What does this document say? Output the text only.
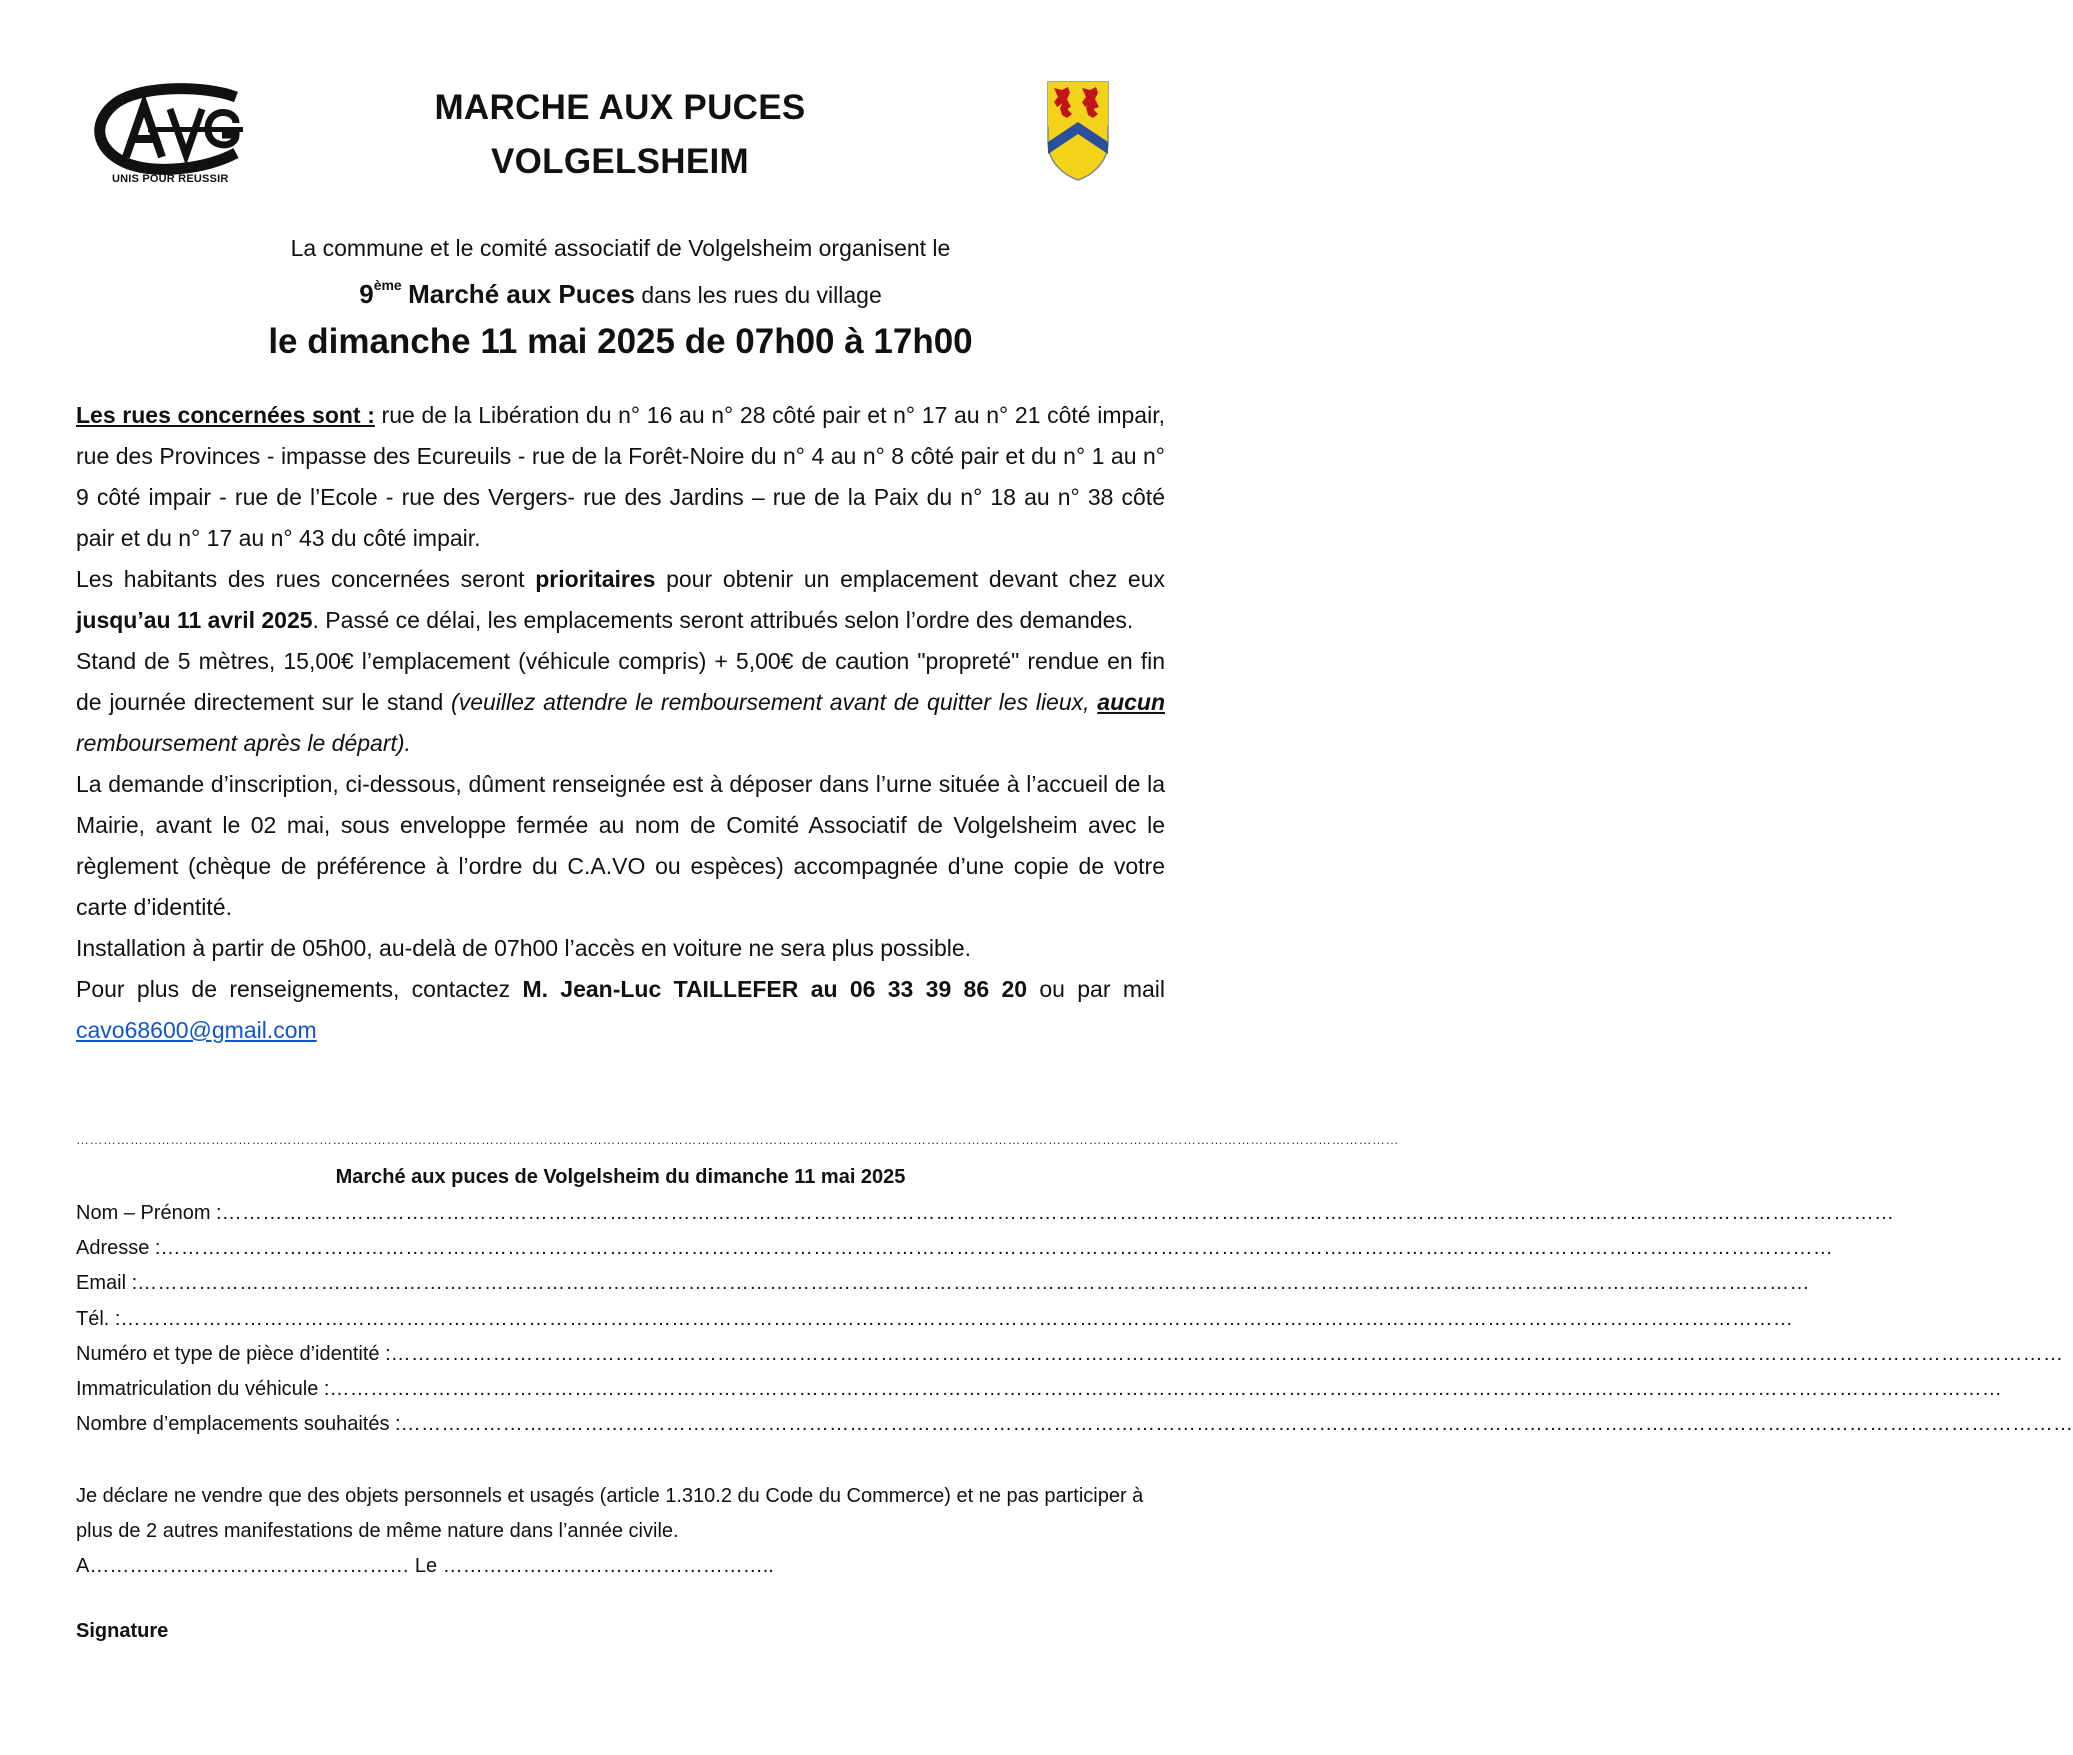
UNIS POUR REUSSIR
MARCHE AUX PUCES
VOLGELSHEIM
La commune et le comité associatif de Volgelsheim organisent le
9ème Marché aux Puces dans les rues du village
le dimanche 11 mai 2025 de 07h00 à 17h00

Les rues concernées sont : rue de la Libération du n° 16 au n° 28 côté pair et n° 17 au n° 21 côté impair, rue des Provinces - impasse des Ecureuils - rue de la Forêt-Noire du n° 4 au n° 8 côté pair et du n° 1 au n° 9 côté impair - rue de l’Ecole - rue des Vergers- rue des Jardins – rue de la Paix du n° 18 au n° 38 côté pair et du n° 17 au n° 43 du côté impair.

Les habitants des rues concernées seront prioritaires pour obtenir un emplacement devant chez eux jusqu’au 11 avril 2025. Passé ce délai, les emplacements seront attribués selon l’ordre des demandes.

Stand de 5 mètres, 15,00€ l’emplacement (véhicule compris) + 5,00€ de caution "propreté" rendue en fin de journée directement sur le stand (veuillez attendre le remboursement avant de quitter les lieux, aucun remboursement après le départ).

La demande d’inscription, ci-dessous, dûment renseignée est à déposer dans l’urne située à l’accueil de la Mairie, avant le 02 mai, sous enveloppe fermée au nom de Comité Associatif de Volgelsheim avec le règlement (chèque de préférence à l’ordre du C.A.VO ou espèces) accompagnée d’une copie de votre carte d’identité.

Installation à partir de 05h00, au-delà de 07h00 l’accès en voiture ne sera plus possible.

Pour plus de renseignements, contactez M. Jean-Luc TAILLEFER au 06 33 39 86 20 ou par mail cavo68600@gmail.com

……………………………………………………………………………………………………………………………………………………………………………………………………………………………………………………………………
Marché aux puces de Volgelsheim du dimanche 11 mai 2025
Nom – Prénom :
…………………………………………………………………………………………………………………………………………………………………………………………………………………………
Adresse :
…………………………………………………………………………………………………………………………………………………………………………………………………………………………
Email :
…………………………………………………………………………………………………………………………………………………………………………………………………………………………
Tél. :
…………………………………………………………………………………………………………………………………………………………………………………………………………………………
Numéro et type de pièce d’identité :
…………………………………………………………………………………………………………………………………………………………………………………………………………………………
Immatriculation du véhicule :
…………………………………………………………………………………………………………………………………………………………………………………………………………………………
Nombre d’emplacements souhaités :
…………………………………………………………………………………………………………………………………………………………………………………………………………………………

Je déclare ne vendre que des objets personnels et usagés (article 1.310.2 du Code du Commerce) et ne pas participer à plus de 2 autres manifestations de même nature dans l’année civile.

A………………………………………… Le …………………………………………..
Signature
